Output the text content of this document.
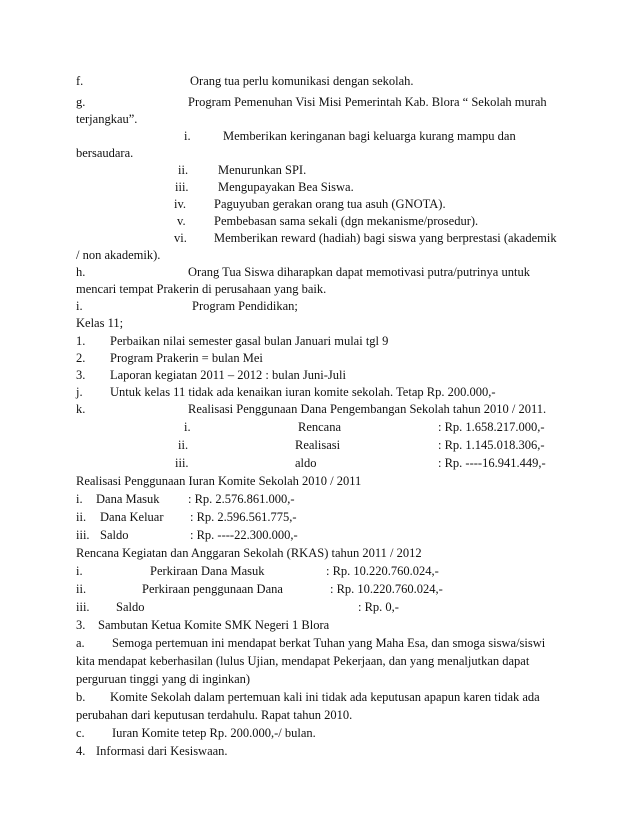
f.	Orang tua perlu komunikasi dengan sekolah.
g.	Program Pemenuhan Visi Misi Pemerintah Kab. Blora “ Sekolah murah
terjangkau”.
i.	Memberikan keringanan bagi keluarga kurang mampu dan
bersaudara.
ii. Menurunkan SPI.
iii. Mengupayakan Bea Siswa.
iv. Paguyuban gerakan orang tua asuh (GNOTA).
v. Pembebasan sama sekali (dgn mekanisme/prosedur).
vi. Memberikan reward (hadiah) bagi siswa yang berprestasi (akademik
/ non akademik).
h.	Orang Tua Siswa diharapkan dapat memotivasi putra/putrinya untuk
mencari tempat Prakerin di perusahaan yang baik.
i.	Program Pendidikan;
Kelas 11;
1. Perbaikan nilai semester gasal bulan Januari mulai tgl 9
2. Program Prakerin = bulan Mei
3. Laporan kegiatan 2011 – 2012 : bulan Juni-Juli
j. Untuk kelas 11 tidak ada kenaikan iuran komite sekolah. Tetap Rp. 200.000,-
k.	Realisasi Penggunaan Dana Pengembangan Sekolah tahun 2010 / 2011.
i.	Rencana	: Rp. 1.658.217.000,-
ii.	Realisasi	: Rp. 1.145.018.306,-
iii.	aldo	: Rp. ----16.941.449,-
Realisasi Penggunaan Iuran Komite Sekolah 2010 / 2011
i. Dana Masuk : Rp. 2.576.861.000,-
ii. Dana Keluar : Rp. 2.596.561.775,-
iii. Saldo	: Rp. ----22.300.000,-
Rencana Kegiatan dan Anggaran Sekolah (RKAS) tahun 2011 / 2012
i.	Perkiraan Dana Masuk	: Rp. 10.220.760.024,-
ii.	Perkiraan penggunaan Dana	: Rp. 10.220.760.024,-
iii. Saldo	: Rp. 0,-
3. Sambutan Ketua Komite SMK Negeri 1 Blora
a. Semoga pertemuan ini mendapat berkat Tuhan yang Maha Esa, dan smoga siswa/siswi
kita mendapat keberhasilan (lulus Ujian, mendapat Pekerjaan, dan yang menaljutkan dapat
perguruan tinggi yang di inginkan)
b. Komite Sekolah dalam pertemuan kali ini tidak ada keputusan apapun karen tidak ada
perubahan dari keputusan terdahulu. Rapat tahun 2010.
c. Iuran Komite tetep Rp. 200.000,-/ bulan.
4. Informasi dari Kesiswaan.
